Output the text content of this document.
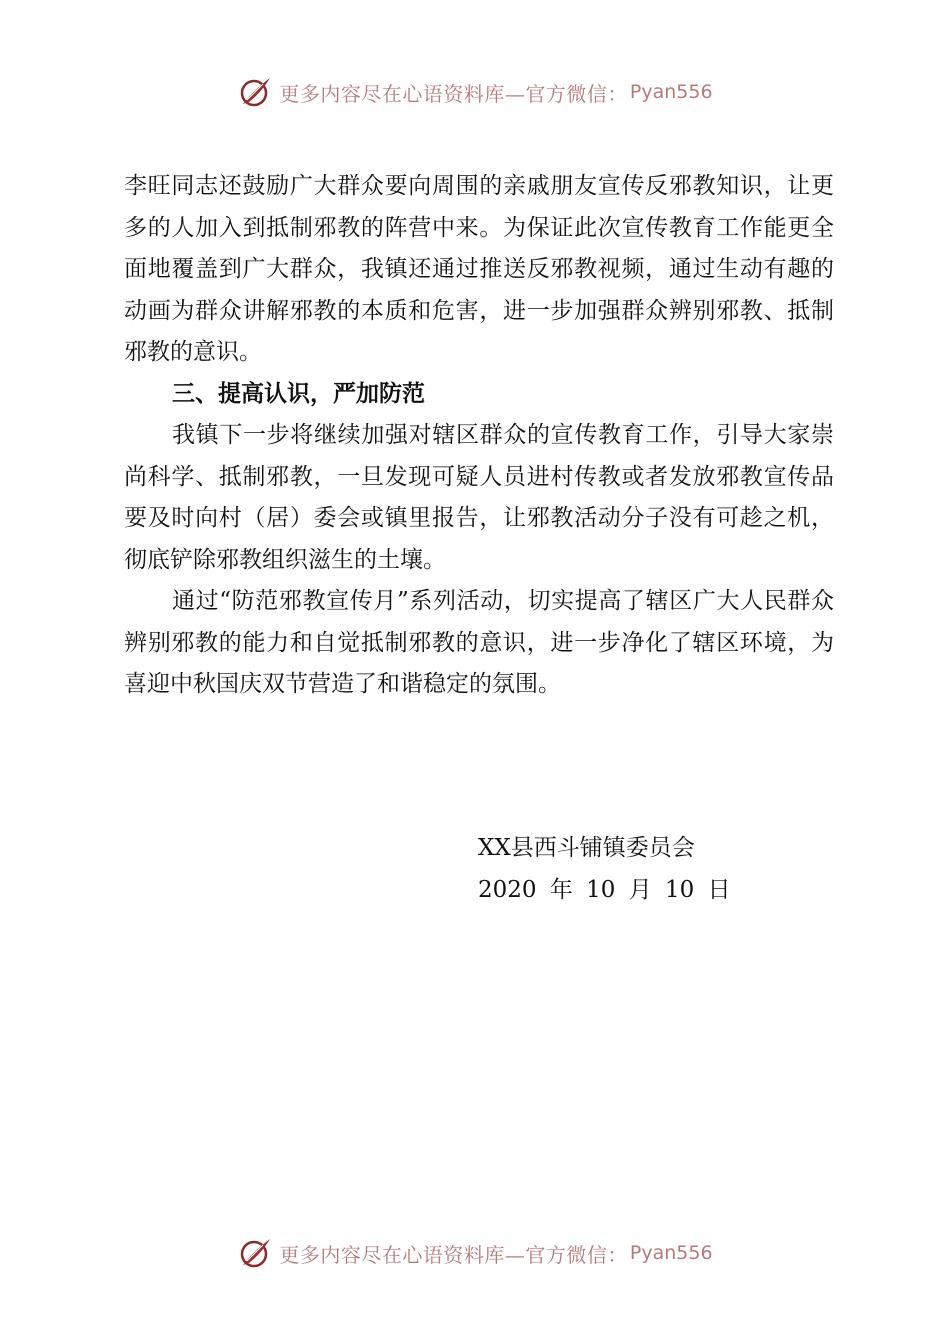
更多内容尽在心语资料库—官方微信： Pyan556

李旺同志还鼓励广大群众要向周围的亲戚朋友宣传反邪教知识，让更多的人加入到抵制邪教的阵营中来。为保证此次宣传教育工作能更全面地覆盖到广大群众，我镇还通过推送反邪教视频，通过生动有趣的动画为群众讲解邪教的本质和危害，进一步加强群众辨别邪教、抵制邪教的意识。

三、提高认识，严加防范

我镇下一步将继续加强对辖区群众的宣传教育工作，引导大家崇尚科学、抵制邪教，一旦发现可疑人员进村传教或者发放邪教宣传品要及时向村（居）委会或镇里报告，让邪教活动分子没有可趁之机，彻底铲除邪教组织滋生的土壤。

通过“防范邪教宣传月”系列活动，切实提高了辖区广大人民群众辨别邪教的能力和自觉抵制邪教的意识，进一步净化了辖区环境，为喜迎中秋国庆双节营造了和谐稳定的氛围。

XX县西斗铺镇委员会
2020 年 10 月 10 日
更多内容尽在心语资料库—官方微信： Pyan556
